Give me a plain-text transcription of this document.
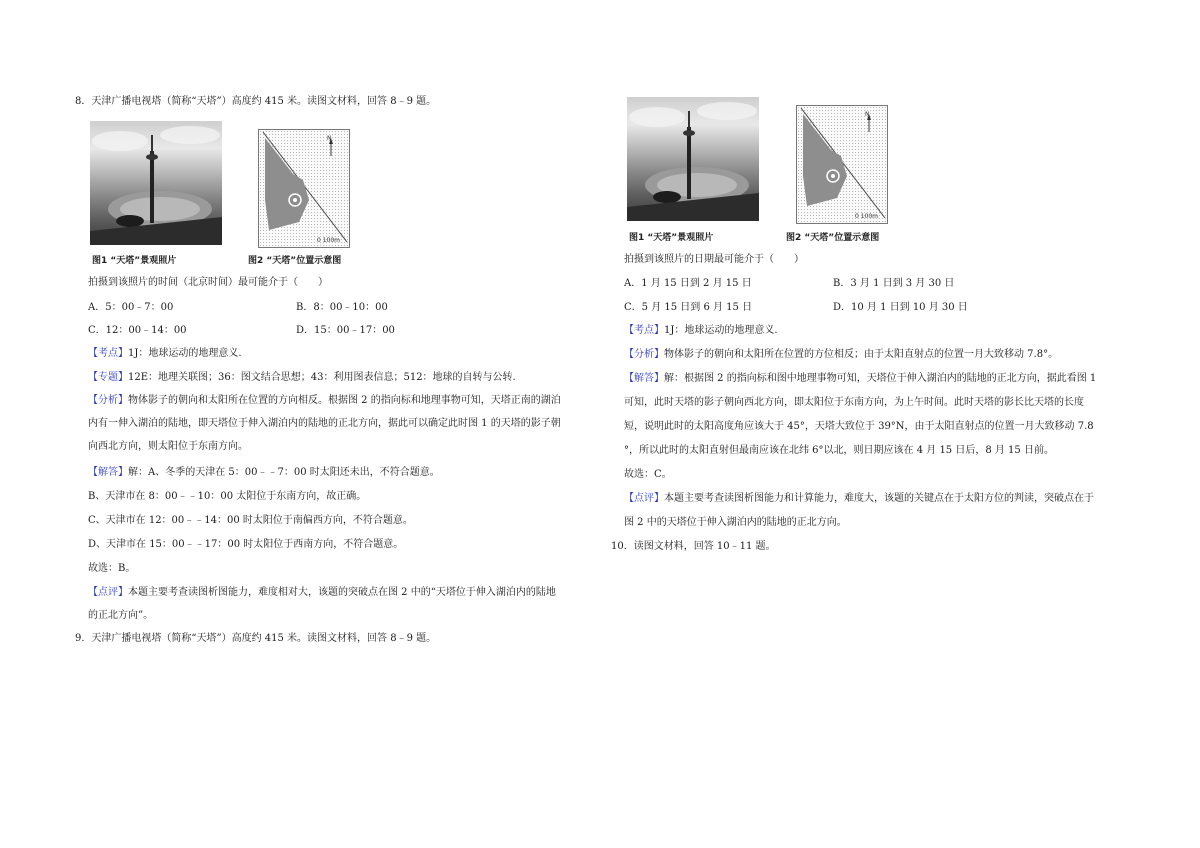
8．天津广播电视塔（简称“天塔”）高度约 415 米。读图文材料，回答 8﹣9 题。
图1 “天塔”景观照片
N
0 100m
图2 “天塔”位置示意图
拍摄到该照片的时间（北京时间）最可能介于（　　）
A．5：00﹣7：00	B．8：00﹣10：00
C．12：00﹣14：00	D．15：00﹣17：00
【考点】1J：地球运动的地理意义.
【专题】12E：地理关联图；36：图文结合思想；43：利用图表信息；512：地球的自转与公转.
【分析】物体影子的朝向和太阳所在位置的方向相反。根据图 2 的指向标和地理事物可知，天塔正南的湖泊
内有一伸入湖泊的陆地，即天塔位于伸入湖泊内的陆地的正北方向，据此可以确定此时图 1 的天塔的影子朝
向西北方向，则太阳位于东南方向。
【解答】解：A、冬季的天津在 5：00﹣﹣7：00 时太阳还未出，不符合题意。
B、天津市在 8：00﹣﹣10：00 太阳位于东南方向，故正确。
C、天津市在 12：00﹣﹣14：00 时太阳位于南偏西方向，不符合题意。
D、天津市在 15：00﹣﹣17：00 时太阳位于西南方向，不符合题意。
故选：B。
【点评】本题主要考查读图析图能力，难度相对大，该题的突破点在图 2 中的“天塔位于伸入湖泊内的陆地
的正北方向”。
9．天津广播电视塔（简称“天塔”）高度约 415 米。读图文材料，回答 8﹣9 题。
图1 “天塔”景观照片
N
0 100m
图2 “天塔”位置示意图
拍摄到该照片的日期最可能介于（　　）
A．1 月 15 日到 2 月 15 日	B．3 月 1 日到 3 月 30 日
C．5 月 15 日到 6 月 15 日	D．10 月 1 日到 10 月 30 日
【考点】1J：地球运动的地理意义.
【分析】物体影子的朝向和太阳所在位置的方位相反；由于太阳直射点的位置一月大致移动 7.8°。
【解答】解：根据图 2 的指向标和图中地理事物可知，天塔位于伸入湖泊内的陆地的正北方向，据此看图 1
可知，此时天塔的影子朝向西北方向，即太阳位于东南方向，为上午时间。此时天塔的影长比天塔的长度
短，说明此时的太阳高度角应该大于 45°，天塔大致位于 39°N，由于太阳直射点的位置一月大致移动 7.8
°，所以此时的太阳直射但最南应该在北纬 6°以北，则日期应该在 4 月 15 日后，8 月 15 日前。
故选：C。
【点评】本题主要考查读图析图能力和计算能力，难度大，该题的关键点在于太阳方位的判读，突破点在于
图 2 中的天塔位于伸入湖泊内的陆地的正北方向。
10．读图文材料，回答 10﹣11 题。
